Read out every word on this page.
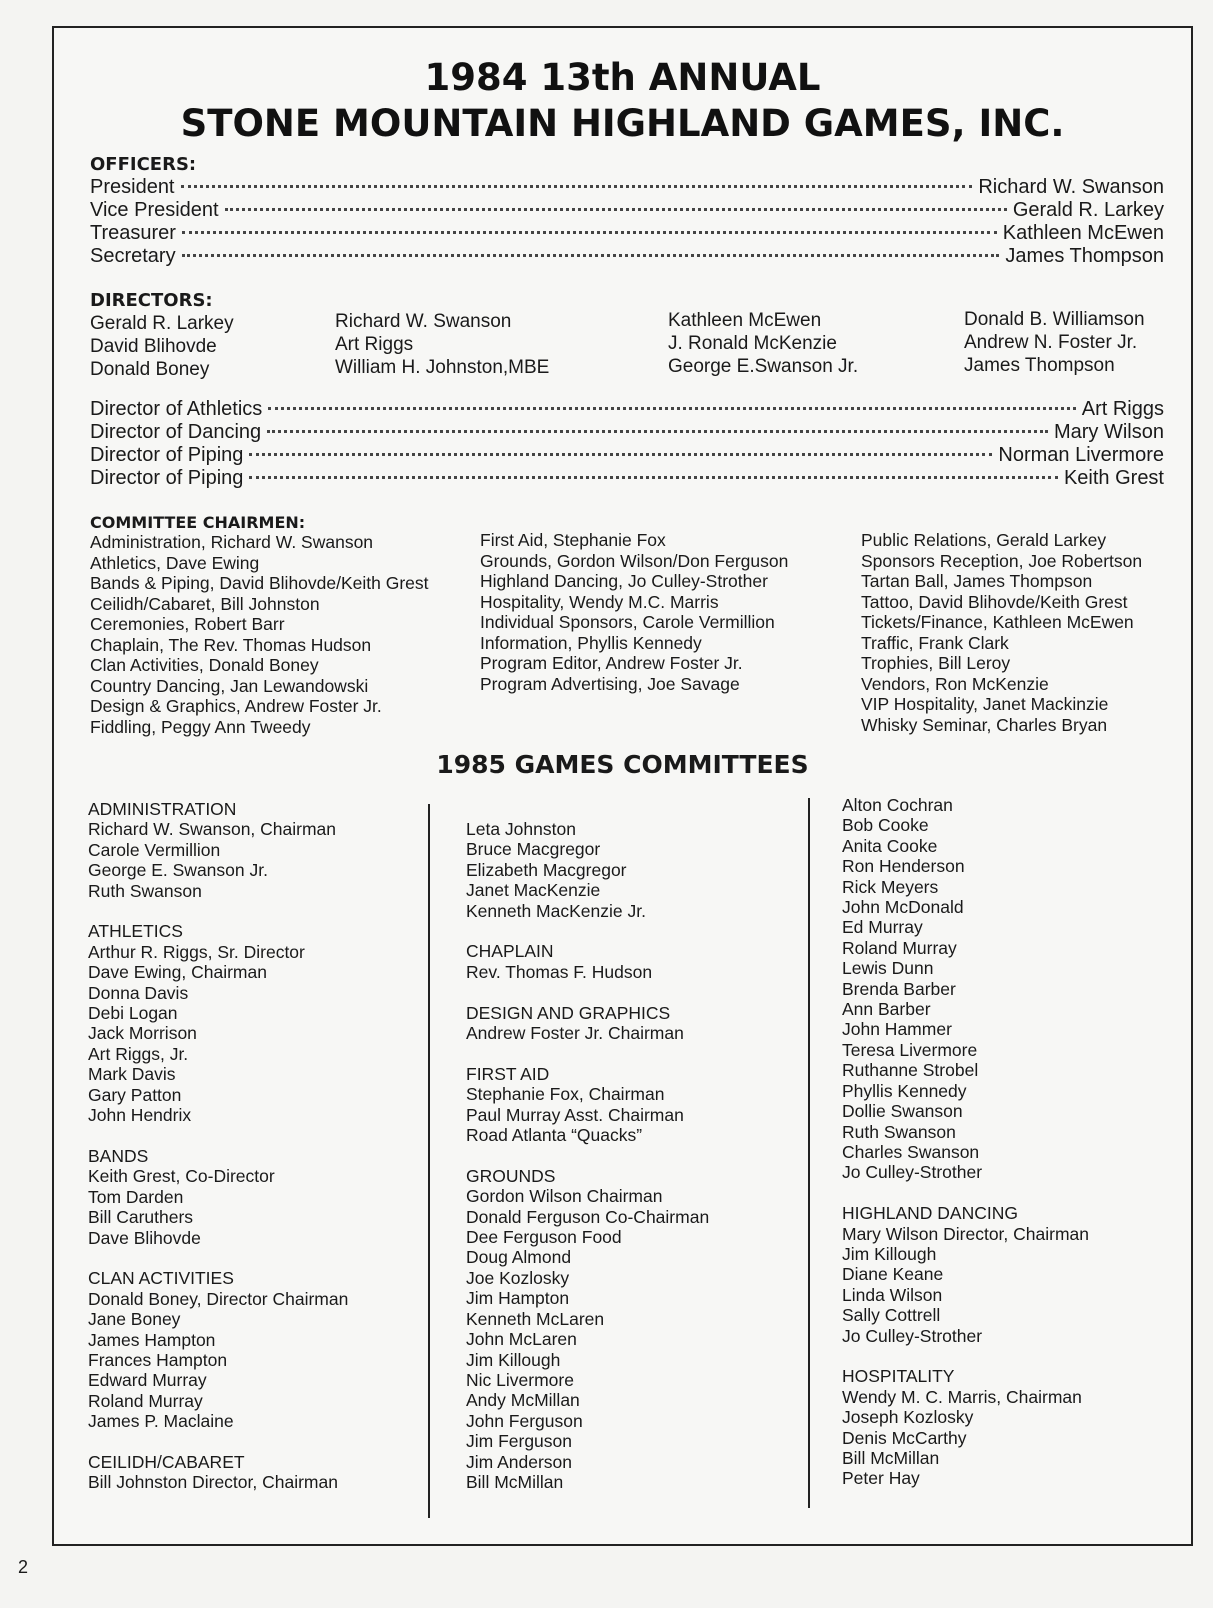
1984 13th ANNUAL
STONE MOUNTAIN HIGHLAND GAMES, INC.
OFFICERS:
President	Richard W. Swanson
Vice President	Gerald R. Larkey
Treasurer	Kathleen McEwen
Secretary	James Thompson
DIRECTORS:
Gerald R. Larkey
David Blihovde
Donald Boney
Richard W. Swanson
Art Riggs
William H. Johnston,MBE
Kathleen McEwen
J. Ronald McKenzie
George E.Swanson Jr.
Donald B. Williamson
Andrew N. Foster Jr.
James Thompson
Director of Athletics	Art Riggs
Director of Dancing	Mary Wilson
Director of Piping	Norman Livermore
Director of Piping	Keith Grest
COMMITTEE CHAIRMEN:
Administration, Richard W. Swanson
Athletics, Dave Ewing
Bands & Piping, David Blihovde/Keith Grest
Ceilidh/Cabaret, Bill Johnston
Ceremonies, Robert Barr
Chaplain, The Rev. Thomas Hudson
Clan Activities, Donald Boney
Country Dancing, Jan Lewandowski
Design & Graphics, Andrew Foster Jr.
Fiddling, Peggy Ann Tweedy
First Aid, Stephanie Fox
Grounds, Gordon Wilson/Don Ferguson
Highland Dancing, Jo Culley-Strother
Hospitality, Wendy M.C. Marris
Individual Sponsors, Carole Vermillion
Information, Phyllis Kennedy
Program Editor, Andrew Foster Jr.
Program Advertising, Joe Savage
Public Relations, Gerald Larkey
Sponsors Reception, Joe Robertson
Tartan Ball, James Thompson
Tattoo, David Blihovde/Keith Grest
Tickets/Finance, Kathleen McEwen
Traffic, Frank Clark
Trophies, Bill Leroy
Vendors, Ron McKenzie
VIP Hospitality, Janet Mackinzie
Whisky Seminar, Charles Bryan
1985 GAMES COMMITTEES
ADMINISTRATION
Richard W. Swanson, Chairman
Carole Vermillion
George E. Swanson Jr.
Ruth Swanson
ATHLETICS
Arthur R. Riggs, Sr. Director
Dave Ewing, Chairman
Donna Davis
Debi Logan
Jack Morrison
Art Riggs, Jr.
Mark Davis
Gary Patton
John Hendrix
BANDS
Keith Grest, Co-Director
Tom Darden
Bill Caruthers
Dave Blihovde
CLAN ACTIVITIES
Donald Boney, Director Chairman
Jane Boney
James Hampton
Frances Hampton
Edward Murray
Roland Murray
James P. Maclaine
CEILIDH/CABARET
Bill Johnston Director, Chairman
Leta Johnston
Bruce Macgregor
Elizabeth Macgregor
Janet MacKenzie
Kenneth MacKenzie Jr.
CHAPLAIN
Rev. Thomas F. Hudson
DESIGN AND GRAPHICS
Andrew Foster Jr. Chairman
FIRST AID
Stephanie Fox, Chairman
Paul Murray Asst. Chairman
Road Atlanta “Quacks”
GROUNDS
Gordon Wilson Chairman
Donald Ferguson Co-Chairman
Dee Ferguson Food
Doug Almond
Joe Kozlosky
Jim Hampton
Kenneth McLaren
John McLaren
Jim Killough
Nic Livermore
Andy McMillan
John Ferguson
Jim Ferguson
Jim Anderson
Bill McMillan
Alton Cochran
Bob Cooke
Anita Cooke
Ron Henderson
Rick Meyers
John McDonald
Ed Murray
Roland Murray
Lewis Dunn
Brenda Barber
Ann Barber
John Hammer
Teresa Livermore
Ruthanne Strobel
Phyllis Kennedy
Dollie Swanson
Ruth Swanson
Charles Swanson
Jo Culley-Strother
HIGHLAND DANCING
Mary Wilson Director, Chairman
Jim Killough
Diane Keane
Linda Wilson
Sally Cottrell
Jo Culley-Strother
HOSPITALITY
Wendy M. C. Marris, Chairman
Joseph Kozlosky
Denis McCarthy
Bill McMillan
Peter Hay
2
